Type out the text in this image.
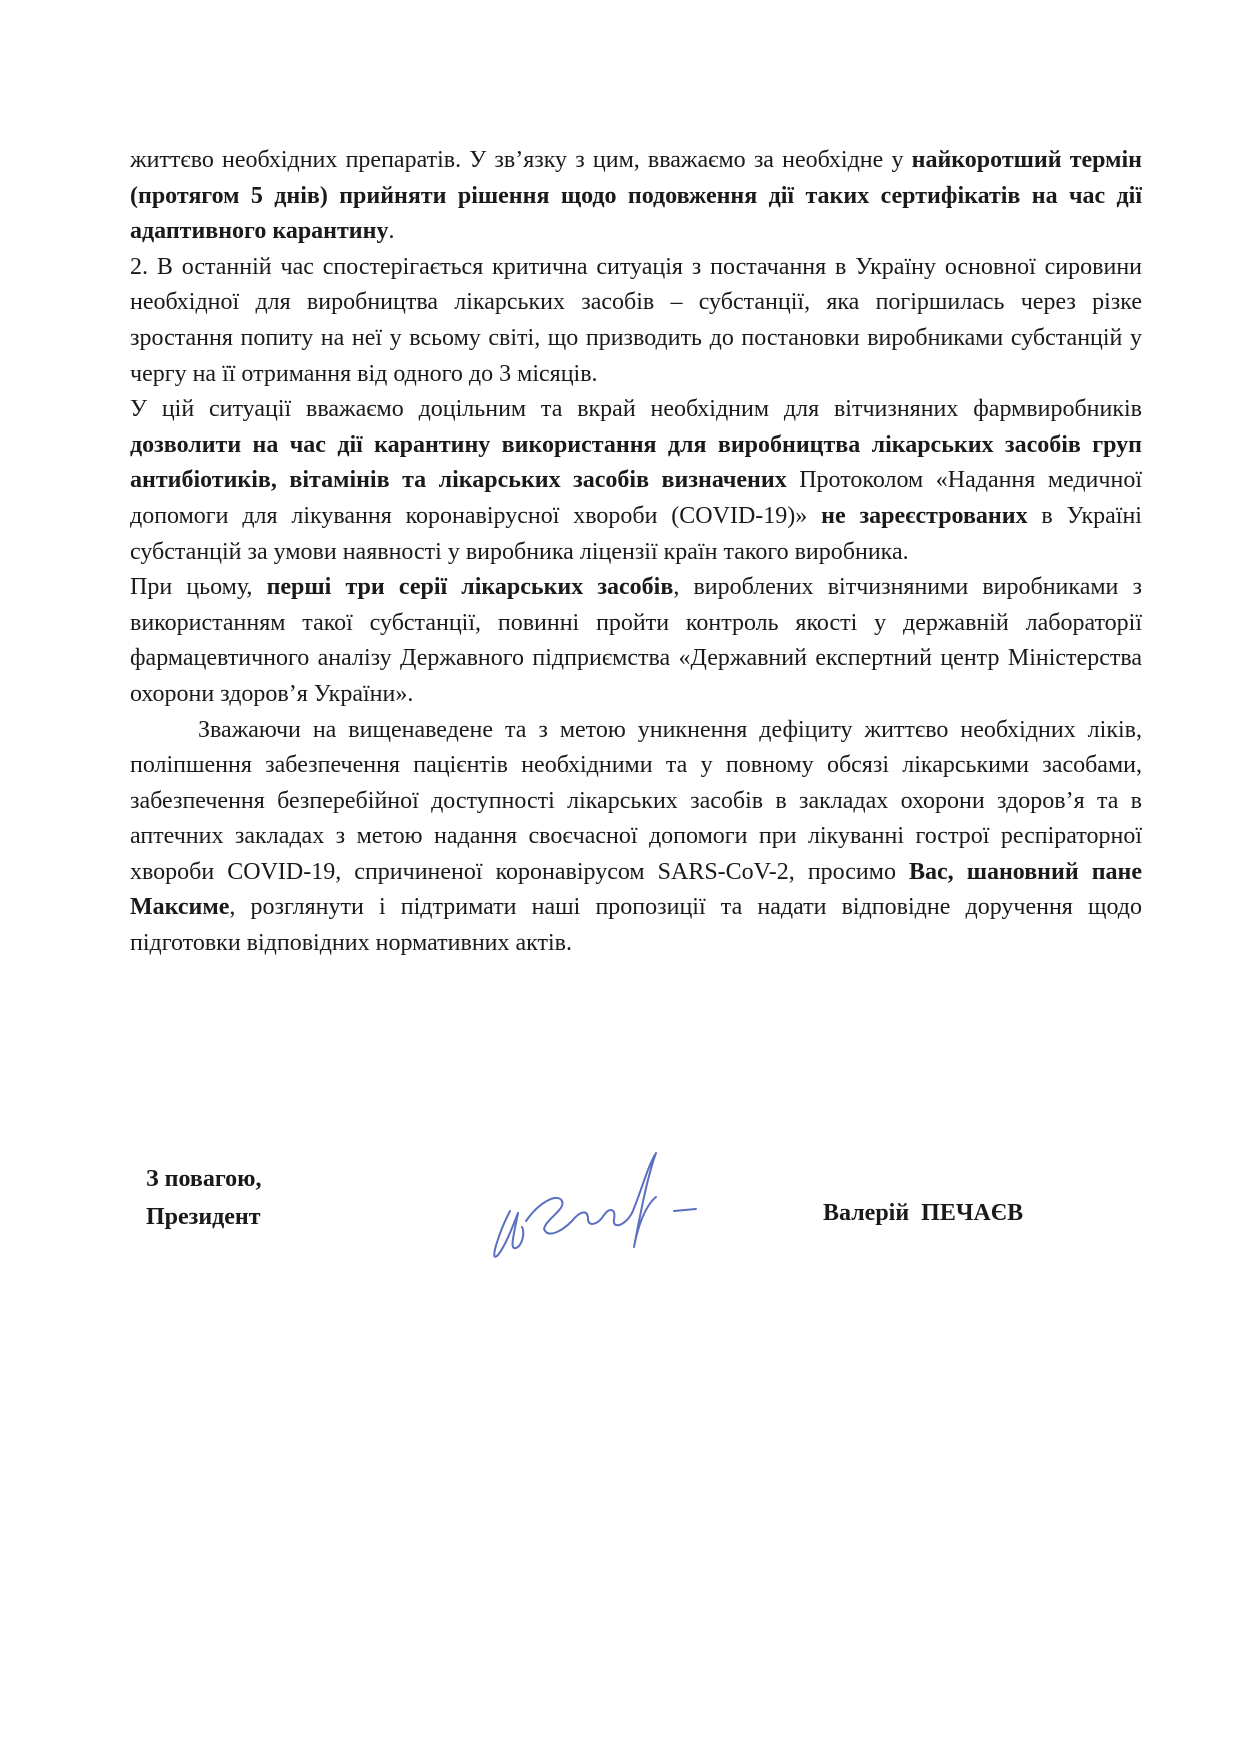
життєво необхідних препаратів. У зв’язку з цим, вважаємо за необхідне у найкоротший термін (протягом 5 днів) прийняти рішення щодо подовження дії таких сертифікатів на час дії адаптивного карантину.

2. В останній час спостерігається критична ситуація з постачання в Україну основної сировини необхідної для виробництва лікарських засобів – субстанції, яка погіршилась через різке зростання попиту на неї у всьому світі, що призводить до постановки виробниками субстанцій у чергу на її отримання від одного до 3 місяців.

У цій ситуації вважаємо доцільним та вкрай необхідним для вітчизняних фармвиробників дозволити на час дії карантину використання для виробництва лікарських засобів груп антибіотиків, вітамінів та лікарських засобів визначених Протоколом «Надання медичної допомоги для лікування коронавірусної хвороби (COVID-19)» не зареєстрованих в Україні субстанцій за умови наявності у виробника ліцензії країн такого виробника.

При цьому, перші три серії лікарських засобів, вироблених вітчизняними виробниками з використанням такої субстанції, повинні пройти контроль якості у державній лабораторії фармацевтичного аналізу Державного підприємства «Державний експертний центр Міністерства охорони здоров’я України».

Зважаючи на вищенаведене та з метою уникнення дефіциту життєво необхідних ліків, поліпшення забезпечення пацієнтів необхідними та у повному обсязі лікарськими засобами, забезпечення безперебійної доступності лікарських засобів в закладах охорони здоров’я та в аптечних закладах з метою надання своєчасної допомоги при лікуванні гострої респіраторної хвороби COVID-19, спричиненої коронавірусом SARS-CoV-2, просимо Вас, шановний пане Максиме, розглянути і підтримати наші пропозиції та надати відповідне доручення щодо підготовки відповідних нормативних актів.

З повагою,
Президент	Валерій ПЕЧАЄВ
